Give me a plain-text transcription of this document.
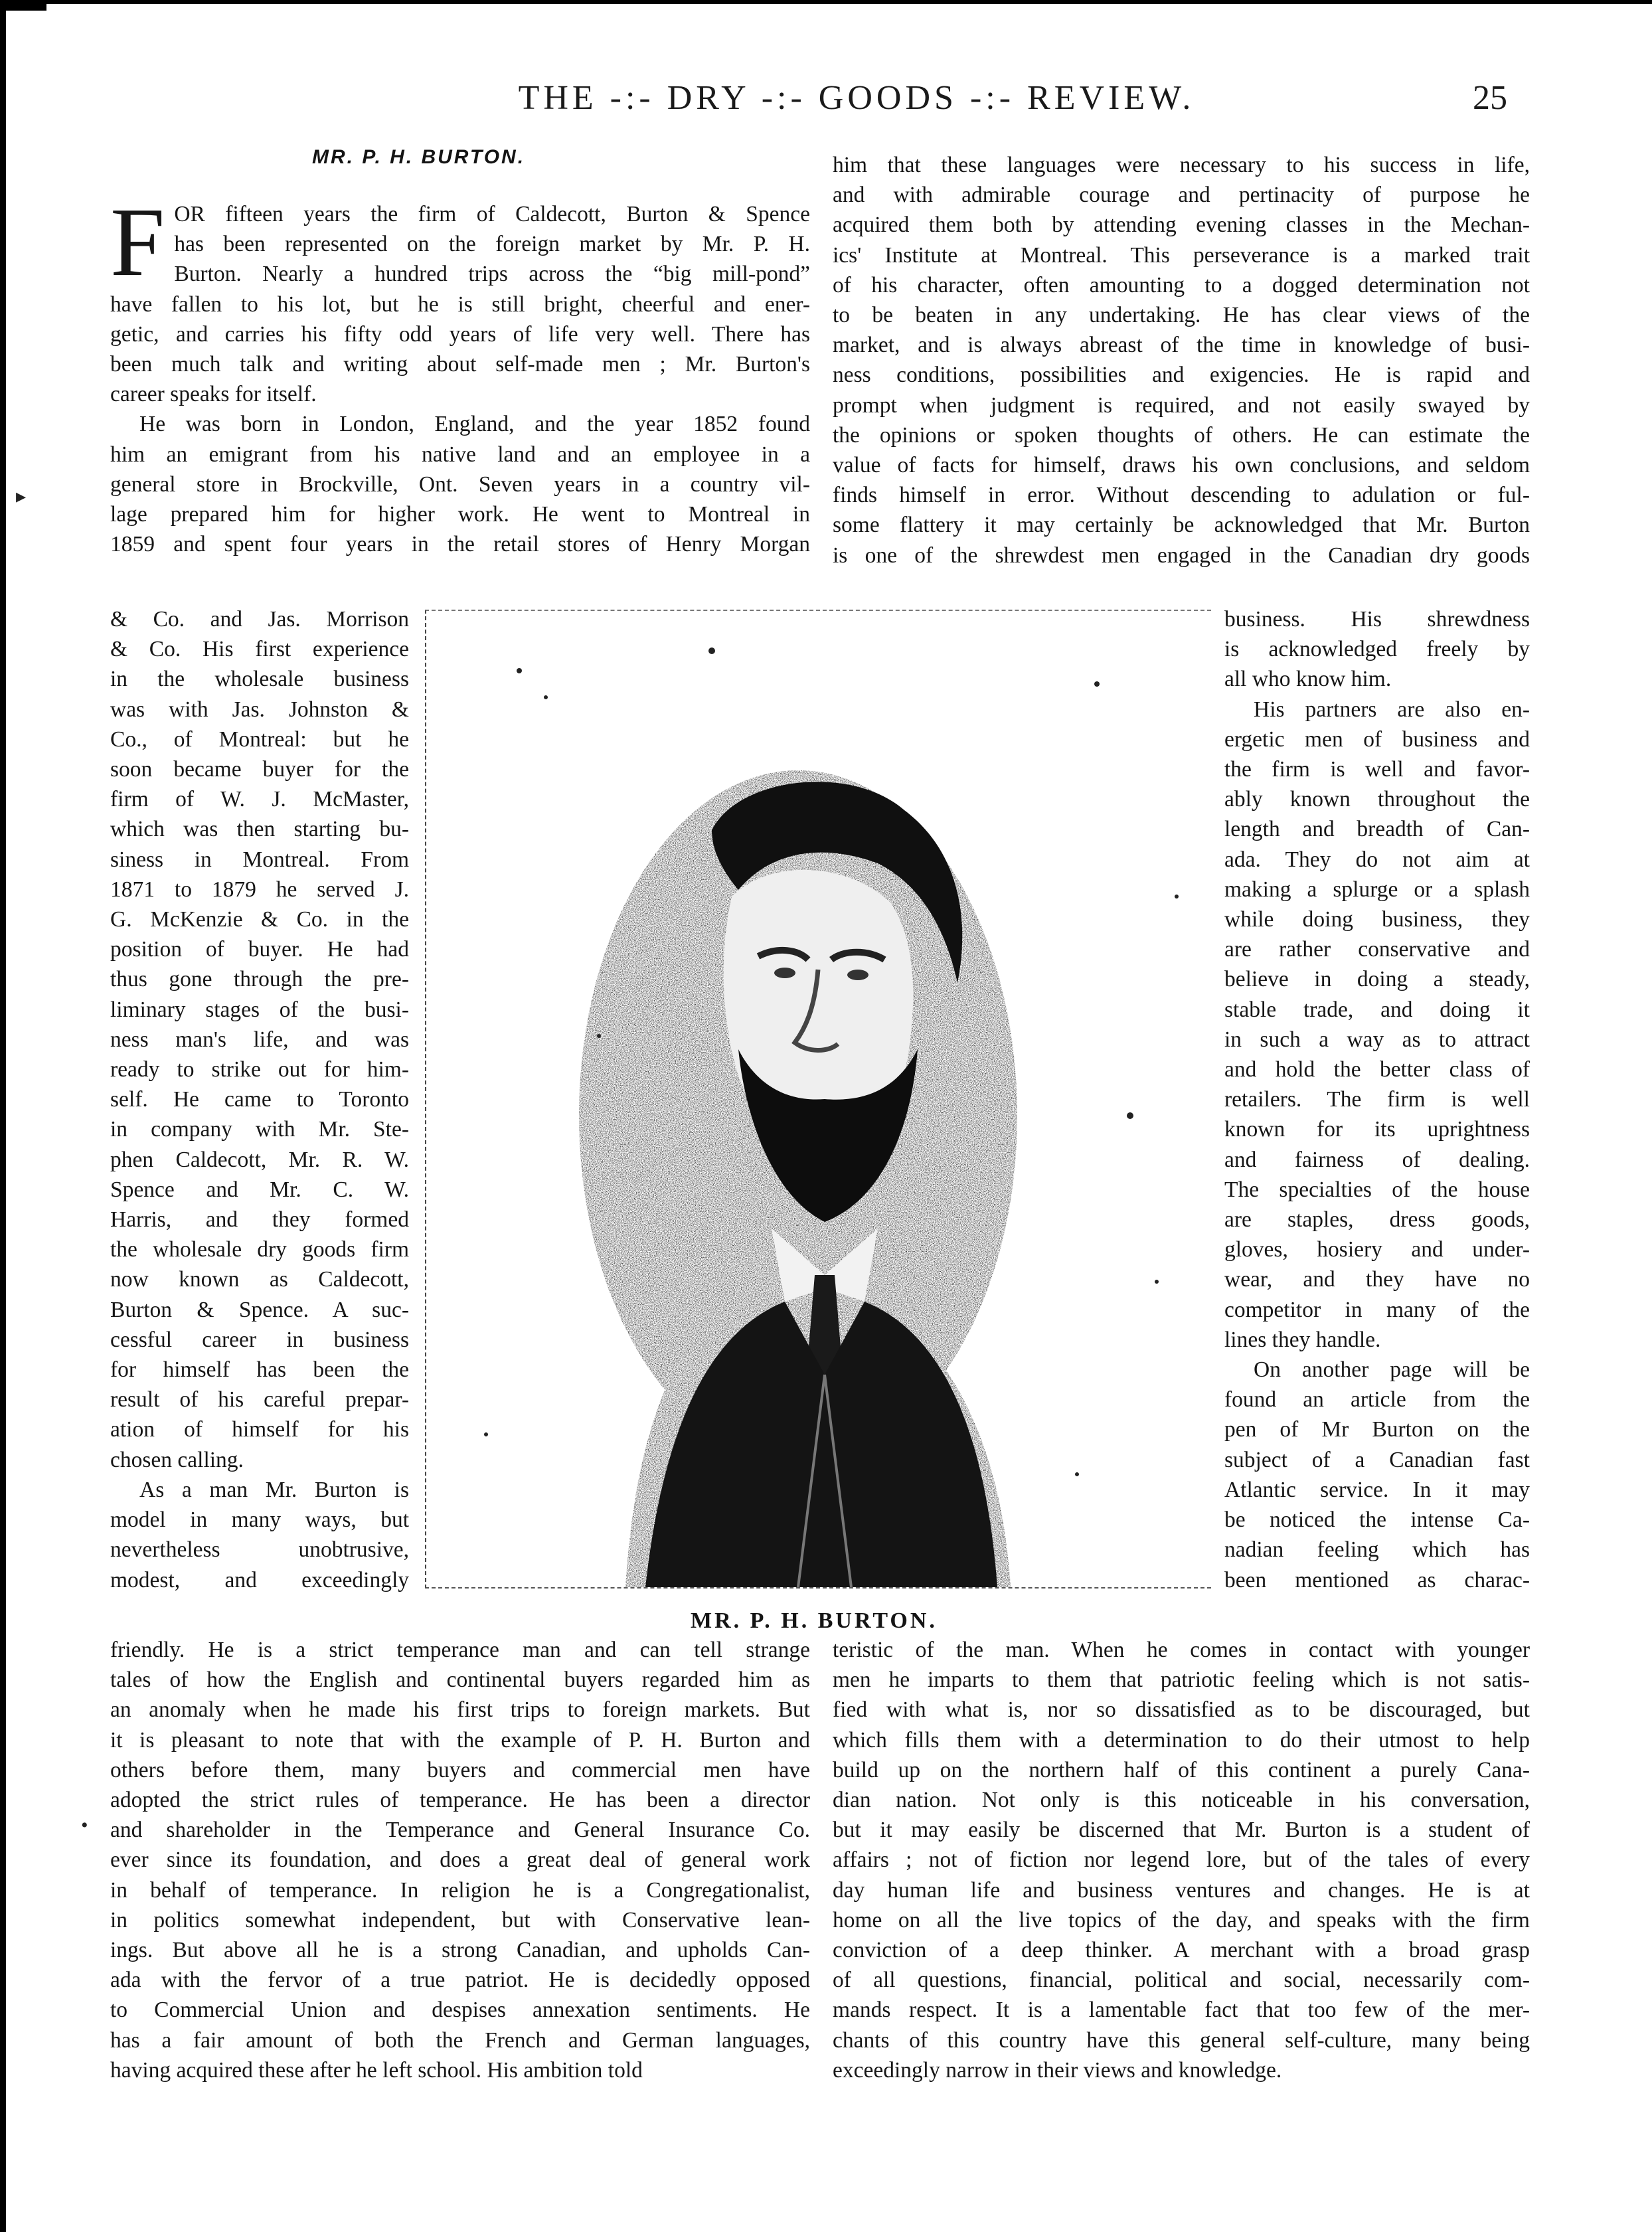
THE -:- DRY -:- GOODS -:- REVIEW.	25
MR. P. H. BURTON.
F OR fifteen years the firm of Caldecott, Burton & Spence
has been represented on the foreign market by Mr. P. H.
Burton. Nearly a hundred trips across the “big mill-pond”
have fallen to his lot, but he is still bright, cheerful and ener-
getic, and carries his fifty odd years of life very well. There has
been much talk and writing about self-made men ; Mr. Burton's
career speaks for itself.
He was born in London, England, and the year 1852 found
him an emigrant from his native land and an employee in a
general store in Brockville, Ont. Seven years in a country vil-
lage prepared him for higher work. He went to Montreal in
1859 and spent four years in the retail stores of Henry Morgan
& Co. and Jas. Morrison
& Co. His first experience
in the wholesale business
was with Jas. Johnston &
Co., of Montreal: but he
soon became buyer for the
firm of W. J. McMaster,
which was then starting bu-
siness in Montreal. From
1871 to 1879 he served J.
G. McKenzie & Co. in the
position of buyer. He had
thus gone through the pre-
liminary stages of the busi-
ness man's life, and was
ready to strike out for him-
self. He came to Toronto
in company with Mr. Ste-
phen Caldecott, Mr. R. W.
Spence and Mr. C. W.
Harris, and they formed
the wholesale dry goods firm
now known as Caldecott,
Burton & Spence. A suc-
cessful career in business
for himself has been the
result of his careful prepar-
ation of himself for his
chosen calling.
As a man Mr. Burton is
model in many ways, but
nevertheless unobtrusive,
modest, and exceedingly
friendly. He is a strict temperance man and can tell strange
tales of how the English and continental buyers regarded him as
an anomaly when he made his first trips to foreign markets. But
it is pleasant to note that with the example of P. H. Burton and
others before them, many buyers and commercial men have
adopted the strict rules of temperance. He has been a director
and shareholder in the Temperance and General Insurance Co.
ever since its foundation, and does a great deal of general work
in behalf of temperance. In religion he is a Congregationalist,
in politics somewhat independent, but with Conservative lean-
ings. But above all he is a strong Canadian, and upholds Can-
ada with the fervor of a true patriot. He is decidedly opposed
to Commercial Union and despises annexation sentiments. He
has a fair amount of both the French and German languages,
having acquired these after he left school. His ambition told
him that these languages were necessary to his success in life,
and with admirable courage and pertinacity of purpose he
acquired them both by attending evening classes in the Mechan-
ics' Institute at Montreal. This perseverance is a marked trait
of his character, often amounting to a dogged determination not
to be beaten in any undertaking. He has clear views of the
market, and is always abreast of the time in knowledge of busi-
ness conditions, possibilities and exigencies. He is rapid and
prompt when judgment is required, and not easily swayed by
the opinions or spoken thoughts of others. He can estimate the
value of facts for himself, draws his own conclusions, and seldom
finds himself in error. Without descending to adulation or ful-
some flattery it may certainly be acknowledged that Mr. Burton
is one of the shrewdest men engaged in the Canadian dry goods
business. His shrewdness
is acknowledged freely by
all who know him.
His partners are also en-
ergetic men of business and
the firm is well and favor-
ably known throughout the
length and breadth of Can-
ada. They do not aim at
making a splurge or a splash
while doing business, they
are rather conservative and
believe in doing a steady,
stable trade, and doing it
in such a way as to attract
and hold the better class of
retailers. The firm is well
known for its uprightness
and fairness of dealing.
The specialties of the house
are staples, dress goods,
gloves, hosiery and under-
wear, and they have no
competitor in many of the
lines they handle.
On another page will be
found an article from the
pen of Mr Burton on the
subject of a Canadian fast
Atlantic service. In it may
be noticed the intense Ca-
nadian feeling which has
been mentioned as charac-
teristic of the man. When he comes in contact with younger
men he imparts to them that patriotic feeling which is not satis-
fied with what is, nor so dissatisfied as to be discouraged, but
which fills them with a determination to do their utmost to help
build up on the northern half of this continent a purely Cana-
dian nation. Not only is this noticeable in his conversation,
but it may easily be discerned that Mr. Burton is a student of
affairs ; not of fiction nor legend lore, but of the tales of every
day human life and business ventures and changes. He is at
home on all the live topics of the day, and speaks with the firm
conviction of a deep thinker. A merchant with a broad grasp
of all questions, financial, political and social, necessarily com-
mands respect. It is a lamentable fact that too few of the mer-
chants of this country have this general self-culture, many being
exceedingly narrow in their views and knowledge.
MR. P. H. BURTON.
▸
•
